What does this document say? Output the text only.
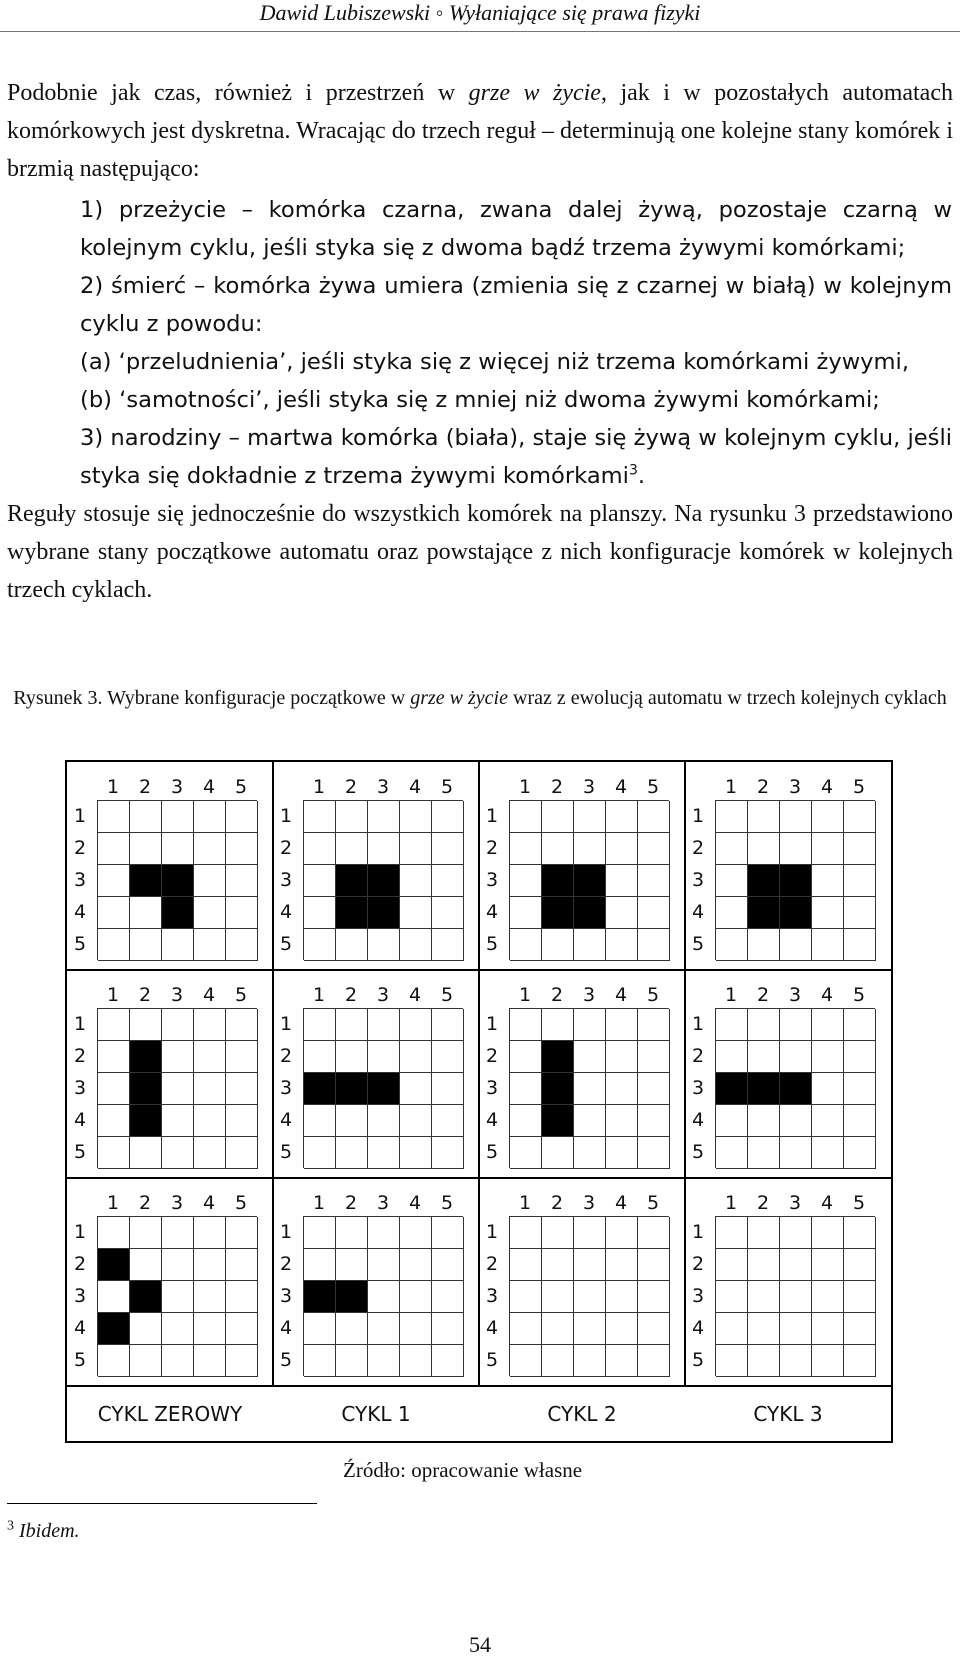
Dawid Lubiszewski ◦ Wyłaniające się prawa fizyki

Podobnie jak czas, również i przestrzeń w grze w życie, jak i w pozostałych automatach komórkowych jest dyskretna. Wracając do trzech reguł – determinują one kolejne stany komórek i brzmią następująco:

1) przeżycie – komórka czarna, zwana dalej żywą, pozostaje czarną w kolejnym cyklu, jeśli styka się z dwoma bądź trzema żywymi komórkami;

2) śmierć – komórka żywa umiera (zmienia się z czarnej w białą) w kolejnym cyklu z powodu:

(a) ‘przeludnienia’, jeśli styka się z więcej niż trzema komórkami żywymi,

(b) ‘samotności’, jeśli styka się z mniej niż dwoma żywymi komórkami;

3) narodziny – martwa komórka (biała), staje się żywą w kolejnym cyklu, jeśli styka się dokładnie z trzema żywymi komórkami$^3$.

Reguły stosuje się jednocześnie do wszystkich komórek na planszy. Na rysunku 3 przedstawiono wybrane stany początkowe automatu oraz powstające z nich konfiguracje komórek w kolejnych trzech cyklach.

Rysunek 3. Wybrane konfiguracje początkowe w grze w życie wraz z ewolucją automatu w trzech kolejnych cyklach
1 2 3 4 5
1
2
3
4
5
1 2 3 4 5
1
2
3
4
5
1 2 3 4 5
1
2
3
4
5
1 2 3 4 5
1
2
3
4
5
1 2 3 4 5
1
2
3
4
5
1 2 3 4 5
1
2
3
4
5
1 2 3 4 5
1
2
3
4
5
1 2 3 4 5
1
2
3
4
5
1 2 3 4 5
1
2
3
4
5
1 2 3 4 5
1
2
3
4
5
1 2 3 4 5
1
2
3
4
5
1 2 3 4 5
1
2
3
4
5
CYKL ZEROWY	CYKL 1	CYKL 2	CYKL 3
Źródło: opracowanie własne
$^3$ Ibidem.
54
